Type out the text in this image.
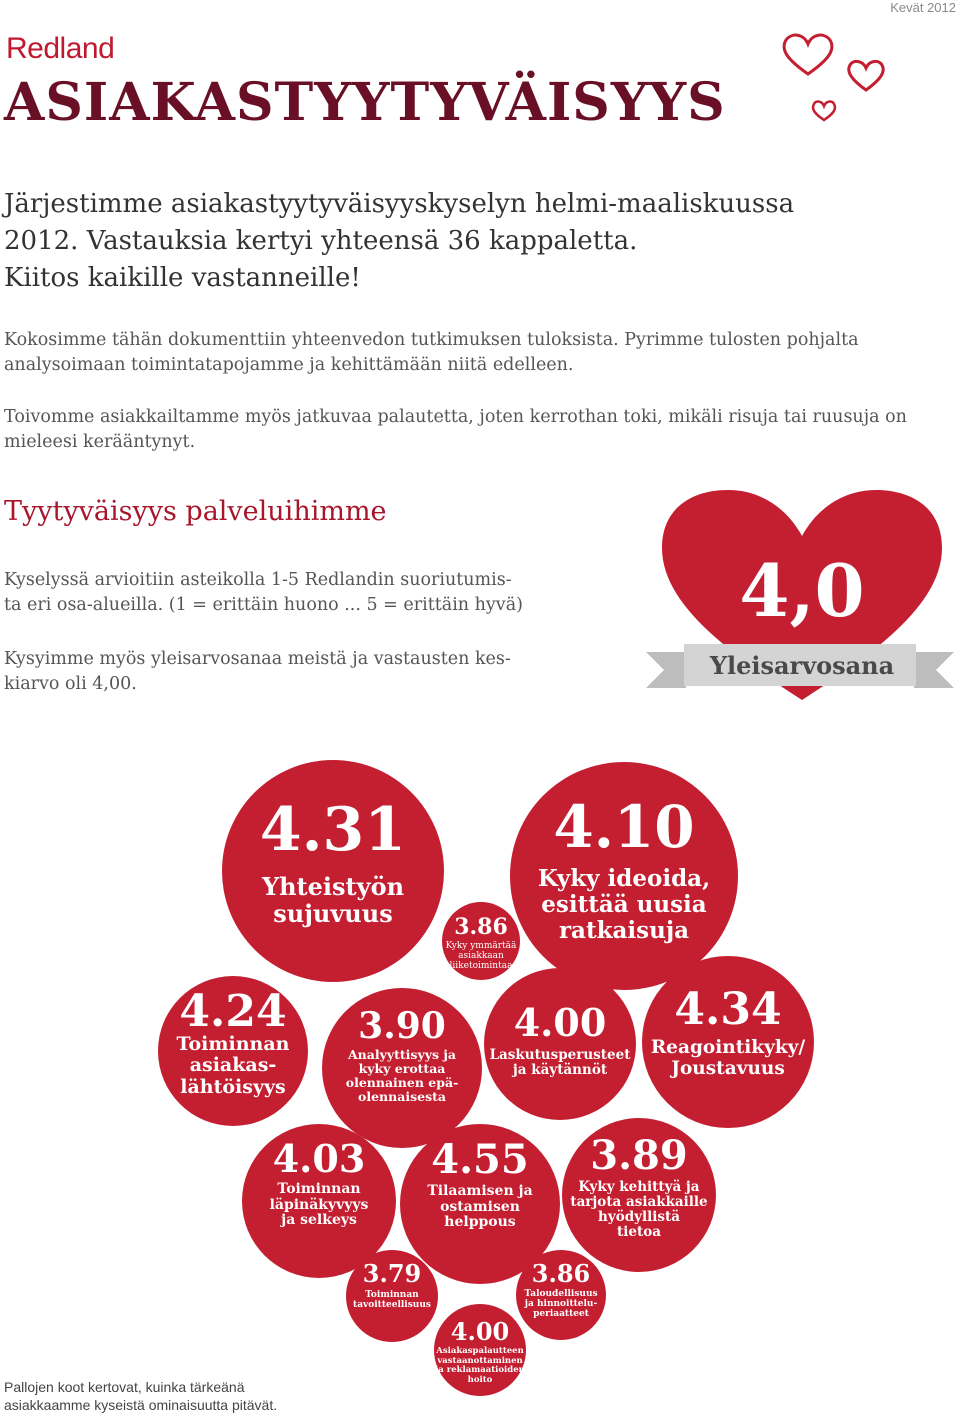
Kevät 2012
Redland
ASIAKASTYYTYVÄISYYS

Järjestimme asiakastyytyväisyyskyselyn helmi-maaliskuussa
2012. Vastauksia kertyi yhteensä 36 kappaletta.
Kiitos kaikille vastanneille!

Kokosimme tähän dokumenttiin yhteenvedon tutkimuksen tuloksista. Pyrimme tulosten pohjalta
analysoimaan toimintatapojamme ja kehittämään niitä edelleen.

Toivomme asiakkailtamme myös jatkuvaa palautetta, joten kerrothan toki, mikäli risuja tai ruusuja on
mieleesi kerääntynyt.

Tyytyväisyys palveluihimme

Kyselyssä arvioitiin asteikolla 1-5 Redlandin suoriutumis-
ta eri osa-alueilla. (1 = erittäin huono ... 5 = erittäin hyvä)

Kysyimme myös yleisarvosanaa meistä ja vastausten kes-
kiarvo oli 4,00.

4,0
Yleisarvosana
4.31
Yhteistyön
sujuvuus	3.86
Kyky ymmärtää
asiakkaan
liiketoimintaa
4.10
Kyky ideoida,
esittää uusia
ratkaisuja
4.24
Toiminnan
asiakas-
lähtöisyys
3.90
Analyyttisyys ja
kyky erottaa
olennainen epä-
olennaisesta
4.00
Laskutusperusteet
ja käytännöt
4.34
Reagointikyky/
Joustavuus
4.03
Toiminnan
läpinäkyvyys
ja selkeys
4.55
Tilaamisen ja
ostamisen
helppous
3.89
Kyky kehittyä ja
tarjota asiakkaille
hyödyllistä
tietoa
3.79
Toiminnan
tavoitteellisuus
3.86
Taloudellisuus
ja hinnoittelu-
periaatteet
4.00
Asiakaspalautteen
vastaanottaminen
ja reklamaatioiden
hoito
Pallojen koot kertovat, kuinka tärkeänä
asiakkaamme kyseistä ominaisuutta pitävät.
